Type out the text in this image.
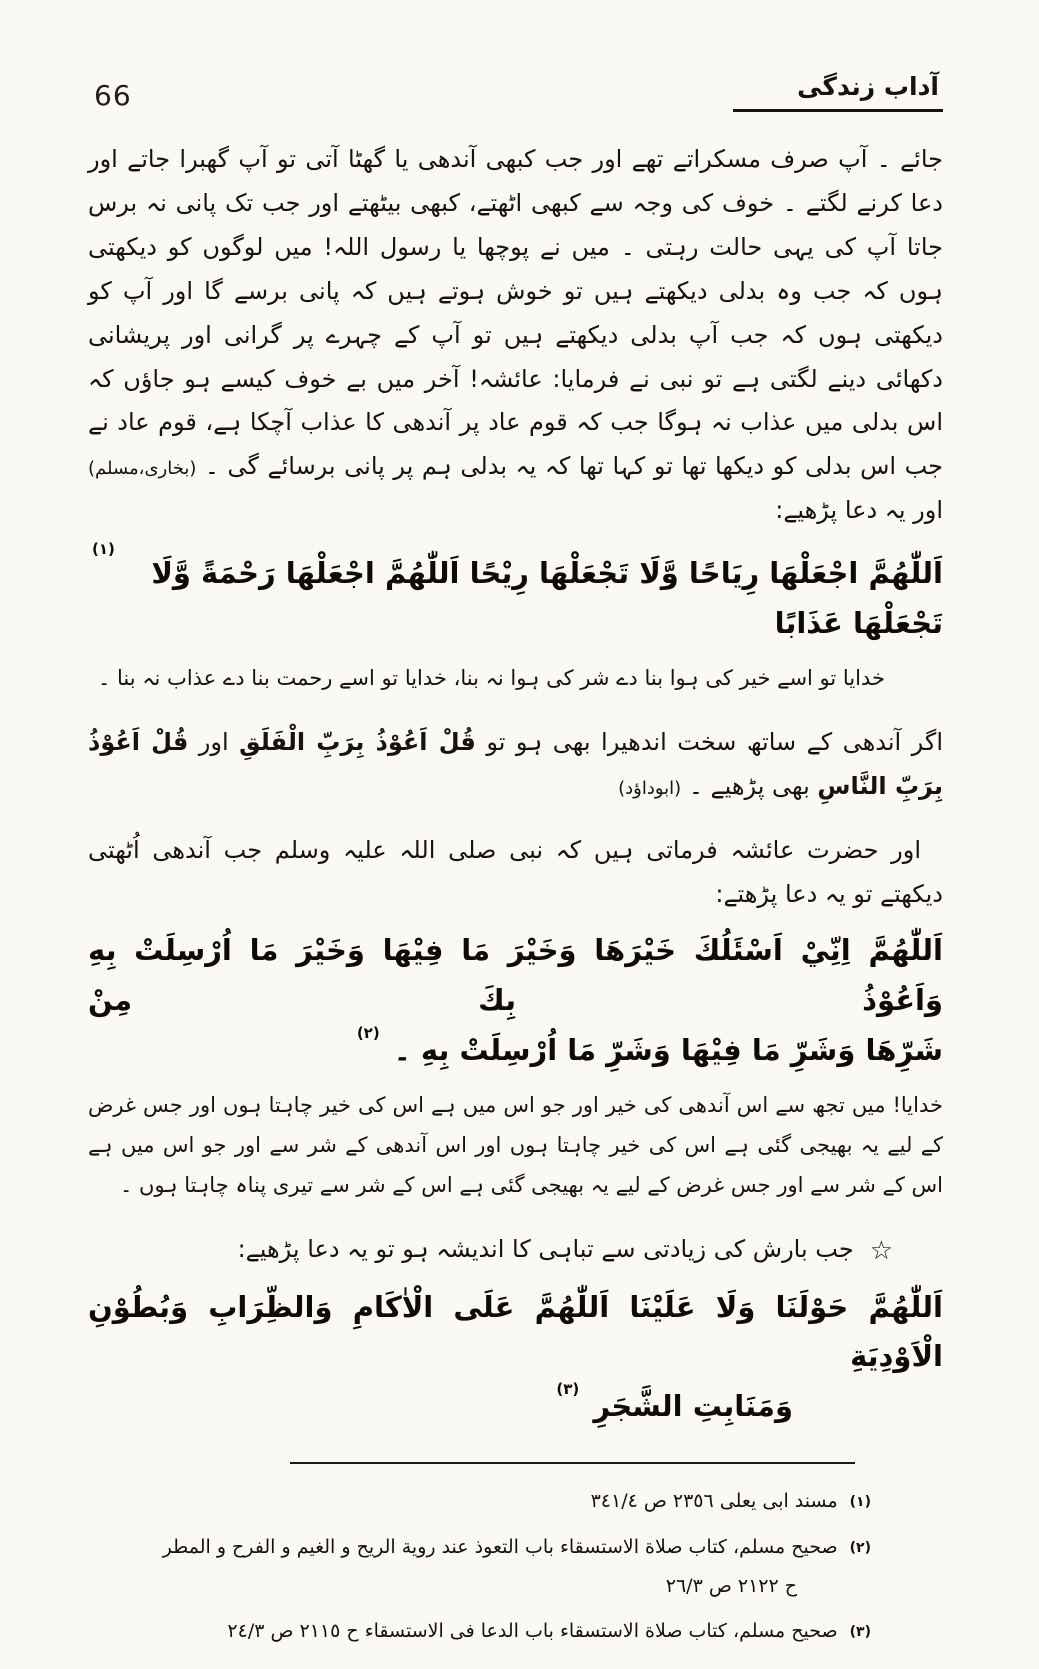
66	آداب زندگی

جائے ۔ آپ صرف مسکراتے تھے اور جب کبھی آندھی یا گھٹا آتی تو آپ گھبرا جاتے اور دعا کرنے لگتے ۔ خوف کی وجہ سے کبھی اٹھتے، کبھی بیٹھتے اور جب تک پانی نہ برس جاتا آپ کی یہی حالت رہتی ۔ میں نے پوچھا یا رسول اللہ! میں لوگوں کو دیکھتی ہوں کہ جب وہ بدلی دیکھتے ہیں تو خوش ہوتے ہیں کہ پانی برسے گا اور آپ کو دیکھتی ہوں کہ جب آپ بدلی دیکھتے ہیں تو آپ کے چہرے پر گرانی اور پریشانی دکھائی دینے لگتی ہے تو نبی نے فرمایا: عائشہ! آخر میں بے خوف کیسے ہو جاؤں کہ اس بدلی میں عذاب نہ ہوگا جب کہ قوم عاد پر آندھی کا عذاب آچکا ہے، قوم عاد نے جب اس بدلی کو دیکھا تھا تو کہا تھا کہ یہ بدلی ہم پر پانی برسائے گی ۔ (بخاری،مسلم) اور یہ دعا پڑھیے:

اَللّٰهُمَّ اجْعَلْهَا رِيَاحًا وَّلَا تَجْعَلْهَا رِيْحًا اَللّٰهُمَّ اجْعَلْهَا رَحْمَةً وَّلَا تَجْعَلْهَا عَذَابًا
$^{(١)}$

خدایا تو اسے خیر کی ہوا بنا دے شر کی ہوا نہ بنا، خدایا تو اسے رحمت بنا دے عذاب نہ بنا ۔

اگر آندھی کے ساتھ سخت اندھیرا بھی ہو تو قُلْ اَعُوْذُ بِرَبِّ الْفَلَقِ اور قُلْ اَعُوْذُ بِرَبِّ النَّاسِ بھی پڑھیے ۔ (ابوداؤد)

اور حضرت عائشہ فرماتی ہیں کہ نبی صلی اللہ علیہ وسلم جب آندھی اُٹھتی دیکھتے تو یہ دعا پڑھتے:

اَللّٰهُمَّ اِنِّيْ اَسْئَلُكَ خَيْرَهَا وَخَيْرَ مَا فِيْهَا وَخَيْرَ مَا اُرْسِلَتْ بِهِ وَاَعُوْذُ بِكَ مِنْ
شَرِّهَا وَشَرِّ مَا فِيْهَا وَشَرِّ مَا اُرْسِلَتْ بِهِ ۔ $^{(٢)}$

خدایا! میں تجھ سے اس آندھی کی خیر اور جو اس میں ہے اس کی خیر چاہتا ہوں اور جس غرض کے لیے یہ بھیجی گئی ہے اس کی خیر چاہتا ہوں اور اس آندھی کے شر سے اور جو اس میں ہے اس کے شر سے اور جس غرض کے لیے یہ بھیجی گئی ہے اس کے شر سے تیری پناہ چاہتا ہوں ۔

☆جب بارش کی زیادتی سے تباہی کا اندیشہ ہو تو یہ دعا پڑھیے:

اَللّٰهُمَّ حَوْلَنَا وَلَا عَلَيْنَا اَللّٰهُمَّ عَلَى الْاٰكَامِ وَالظِّرَابِ وَبُطُوْنِ الْاَوْدِيَةِ
وَمَنَابِتِ الشَّجَرِ $^{(٣)}$
(١)
مسند ابی یعلی ٢٣٥٦ ص ٣٤١/٤
(٢)
صحیح مسلم، کتاب صلاة الاستسقاء باب التعوذ عند رویة الریح و الغیم و الفرح و المطر
ح ٢١٢٢ ص ٢٦/٣
(٣)
صحیح مسلم، کتاب صلاة الاستسقاء باب الدعا فی الاستسقاء ح ٢١١٥ ص ٢٤/٣
